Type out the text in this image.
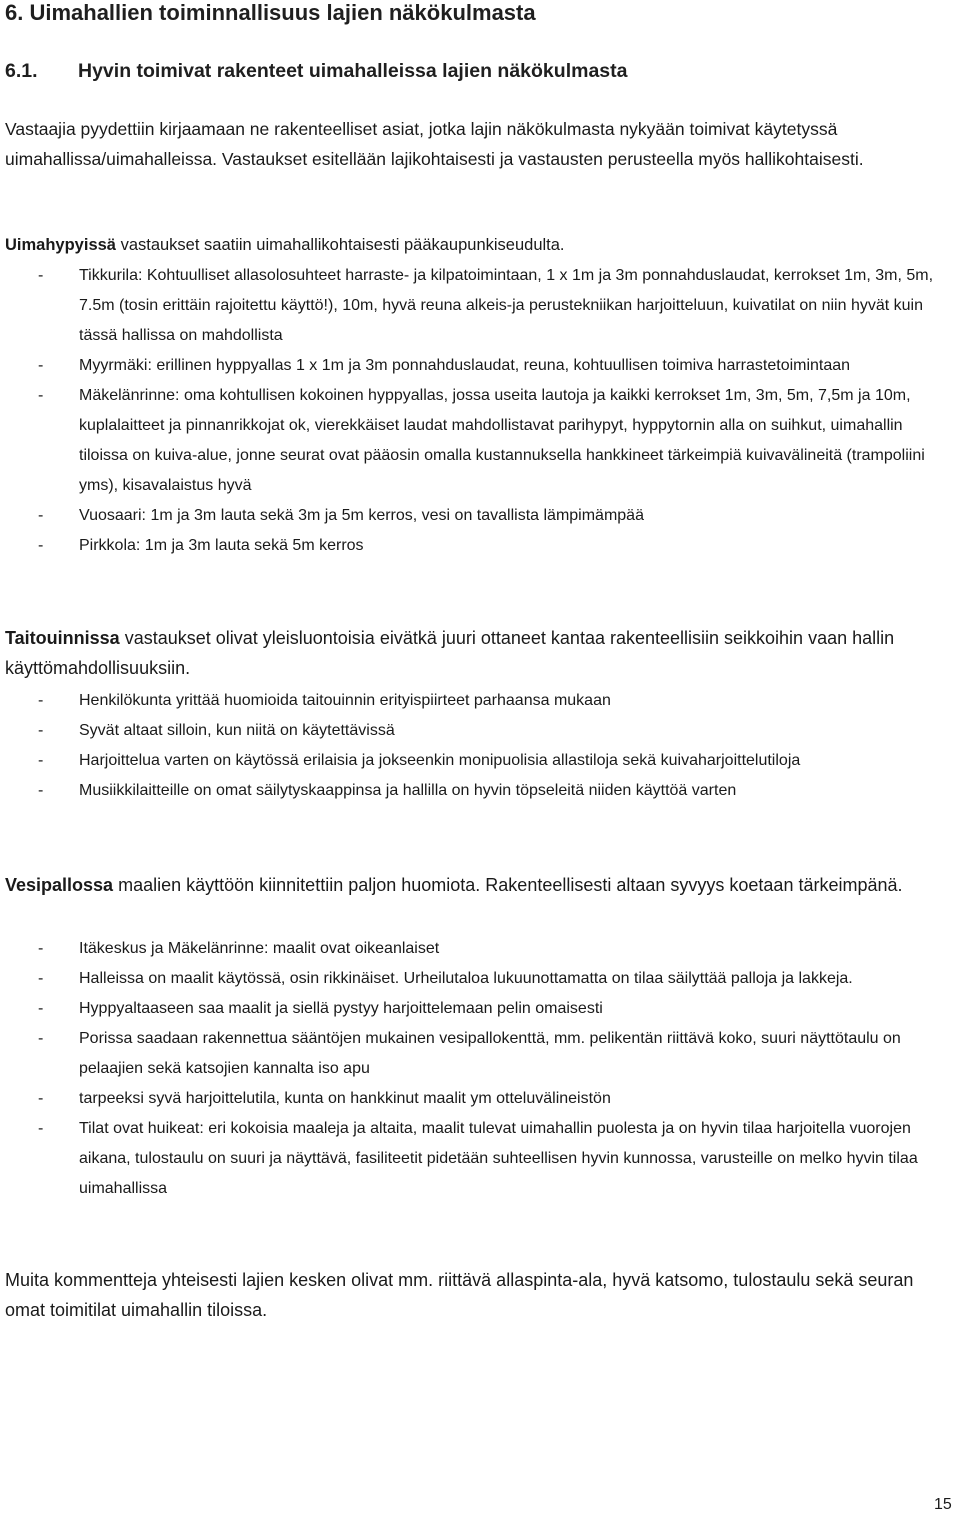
6. Uimahallien toiminnallisuus lajien näkökulmasta
6.1. Hyvin toimivat rakenteet uimahalleissa lajien näkökulmasta
Vastaajia pyydettiin kirjaamaan ne rakenteelliset asiat, jotka lajin näkökulmasta nykyään toimivat käytetyssä uimahallissa/uimahalleissa. Vastaukset esitellään lajikohtaisesti ja vastausten perusteella myös hallikohtaisesti.
Uimahypyissä vastaukset saatiin uimahallikohtaisesti pääkaupunkiseudulta.
- Tikkurila: Kohtuulliset allasolosuhteet harraste- ja kilpatoimintaan, 1 x 1m ja 3m ponnahduslaudat, kerrokset 1m, 3m, 5m, 7.5m (tosin erittäin rajoitettu käyttö!), 10m, hyvä reuna alkeis-ja perustekniikan harjoitteluun, kuivatilat on niin hyvät kuin tässä hallissa on mahdollista
- Myyrmäki: erillinen hyppyallas 1 x 1m ja 3m ponnahduslaudat, reuna, kohtuullisen toimiva harrastetoimintaan
- Mäkelänrinne: oma kohtullisen kokoinen hyppyallas, jossa useita lautoja ja kaikki kerrokset 1m, 3m, 5m, 7,5m ja 10m, kuplalaitteet ja pinnanrikkojat ok, vierekkäiset laudat mahdollistavat parihypyt, hyppytornin alla on suihkut, uimahallin tiloissa on kuiva-alue, jonne seurat ovat pääosin omalla kustannuksella hankkineet tärkeimpiä kuivavälineitä (trampoliini yms), kisavalaistus hyvä
- Vuosaari: 1m ja 3m lauta sekä 3m ja 5m kerros, vesi on tavallista lämpimämpää
- Pirkkola: 1m ja 3m lauta sekä 5m kerros
Taitouinnissa vastaukset olivat yleisluontoisia eivätkä juuri ottaneet kantaa rakenteellisiin seikkoihin vaan hallin käyttömahdollisuuksiin.
- Henkilökunta yrittää huomioida taitouinnin erityispiirteet parhaansa mukaan
- Syvät altaat silloin, kun niitä on käytettävissä
- Harjoittelua varten on käytössä erilaisia ja jokseenkin monipuolisia allastiloja sekä kuivaharjoittelutiloja
- Musiikkilaitteille on omat säilytyskaappinsa ja hallilla on hyvin töpseleitä niiden käyttöä varten
Vesipallossa maalien käyttöön kiinnitettiin paljon huomiota. Rakenteellisesti altaan syvyys koetaan tärkeimpänä.
- Itäkeskus ja Mäkelänrinne: maalit ovat oikeanlaiset
- Halleissa on maalit käytössä, osin rikkinäiset. Urheilutaloa lukuunottamatta on tilaa säilyttää palloja ja lakkeja.
- Hyppyaltaaseen saa maalit ja siellä pystyy harjoittelemaan pelin omaisesti
- Porissa saadaan rakennettua sääntöjen mukainen vesipallokenttä, mm. pelikentän riittävä koko, suuri näyttötaulu on pelaajien sekä katsojien kannalta iso apu
- tarpeeksi syvä harjoittelutila, kunta on hankkinut maalit ym otteluvälineistön
- Tilat ovat huikeat: eri kokoisia maaleja ja altaita, maalit tulevat uimahallin puolesta ja on hyvin tilaa harjoitella vuorojen aikana, tulostaulu on suuri ja näyttävä, fasiliteetit pidetään suhteellisen hyvin kunnossa, varusteille on melko hyvin tilaa uimahallissa
Muita kommentteja yhteisesti lajien kesken olivat mm. riittävä allaspinta-ala, hyvä katsomo, tulostaulu sekä seuran omat toimitilat uimahallin tiloissa.
15
